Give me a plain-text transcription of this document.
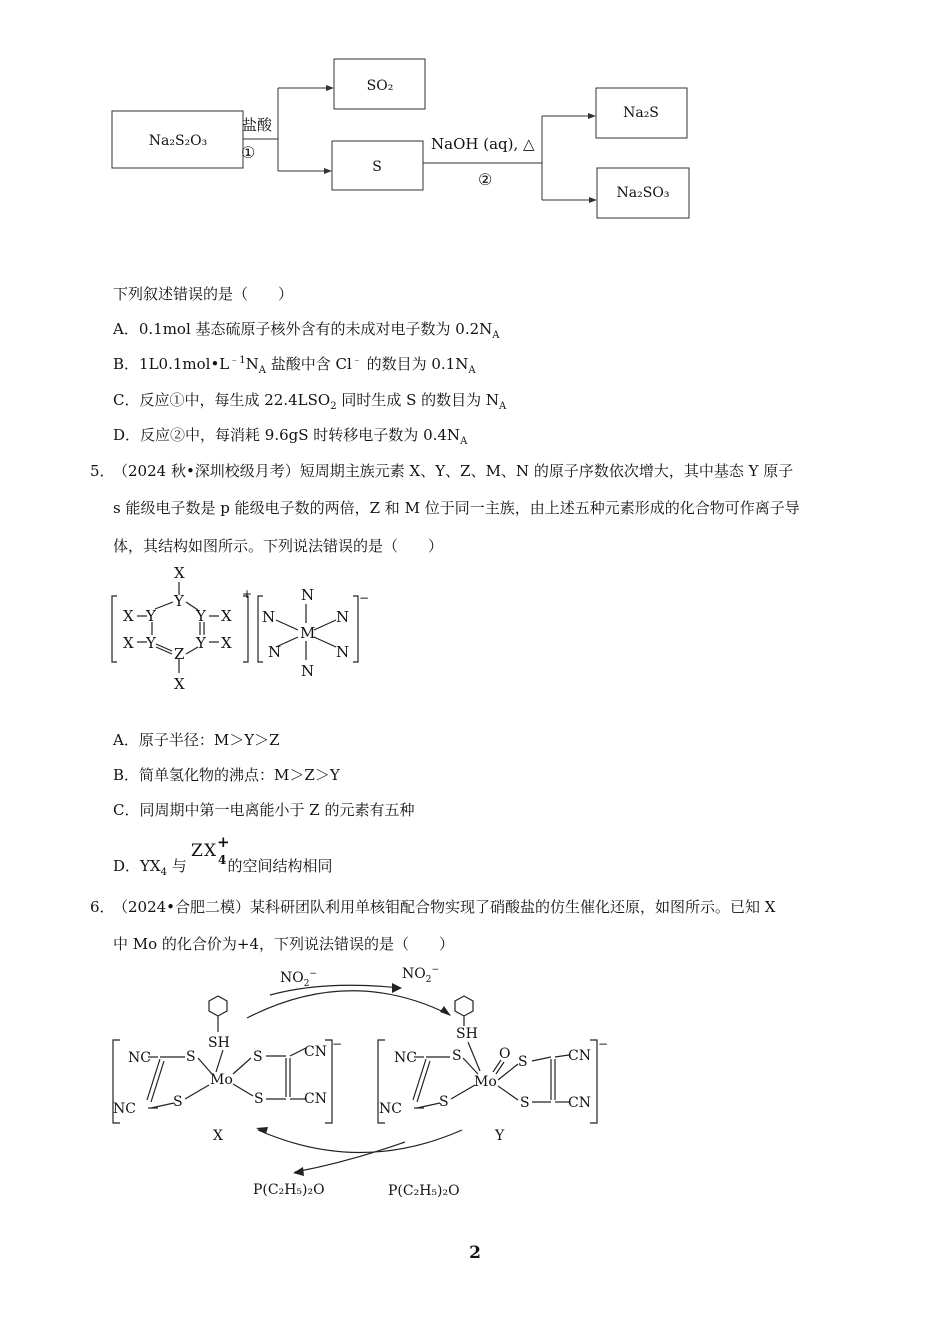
Na₂S₂O₃
SO₂
S
Na₂S
Na₂SO₃
盐酸
①	NaOH (aq), △
②
下列叙述错误的是（　　）
A．0.1mol 基态硫原子核外含有的未成对电子数为 $0.2N_A$
B．$1L0.1mol•L^{﹣1}N_A$ 盐酸中含 Cl﹣ 的数目为 $0.1N_A$
C．反应①中，每生成 $22.4LSO_2$ 同时生成 S 的数目为 $N_A$
D．反应②中，每消耗 9.6gS 时转移电子数为 $0.4N_A$
5．
（2024 秋•深圳校级月考）短周期主族元素 X、Y、Z、M、N 的原子序数依次增大，其中基态 Y 原子
s 能级电子数是 p 能级电子数的两倍，Z 和 M 位于同一主族，由上述五种元素形成的化合物可作离子导
体，其结构如图所示。下列说法错误的是（　　）
X
Y
X Y	Y X
X Y	Y X
Z
X
N
N	N
M
N	N
N
+	−
A．原子半径：M＞Y＞Z
B．简单氢化物的沸点：M＞Z＞Y
C．同周期中第一电离能小于 Z 的元素有五种
D．$YX_4$ 与 的空间结构相同
Z X +
4
6．
（2024•合肥二模）某科研团队利用单核钼配合物实现了硝酸盐的仿生催化还原，如图所示。已知 X
中 Mo 的化合价为+4，下列说法错误的是（　　）
$NO_2^-$	$NO_2^-$
SH
NC
NC
S
S
Mo
S
S
CN
CN
−
X
SH
O
NC
NC
S
S
Mo
S
S
CN
CN
−
Y
P(C₂H₅)₂O	P(C₂H₅)₂O
2
